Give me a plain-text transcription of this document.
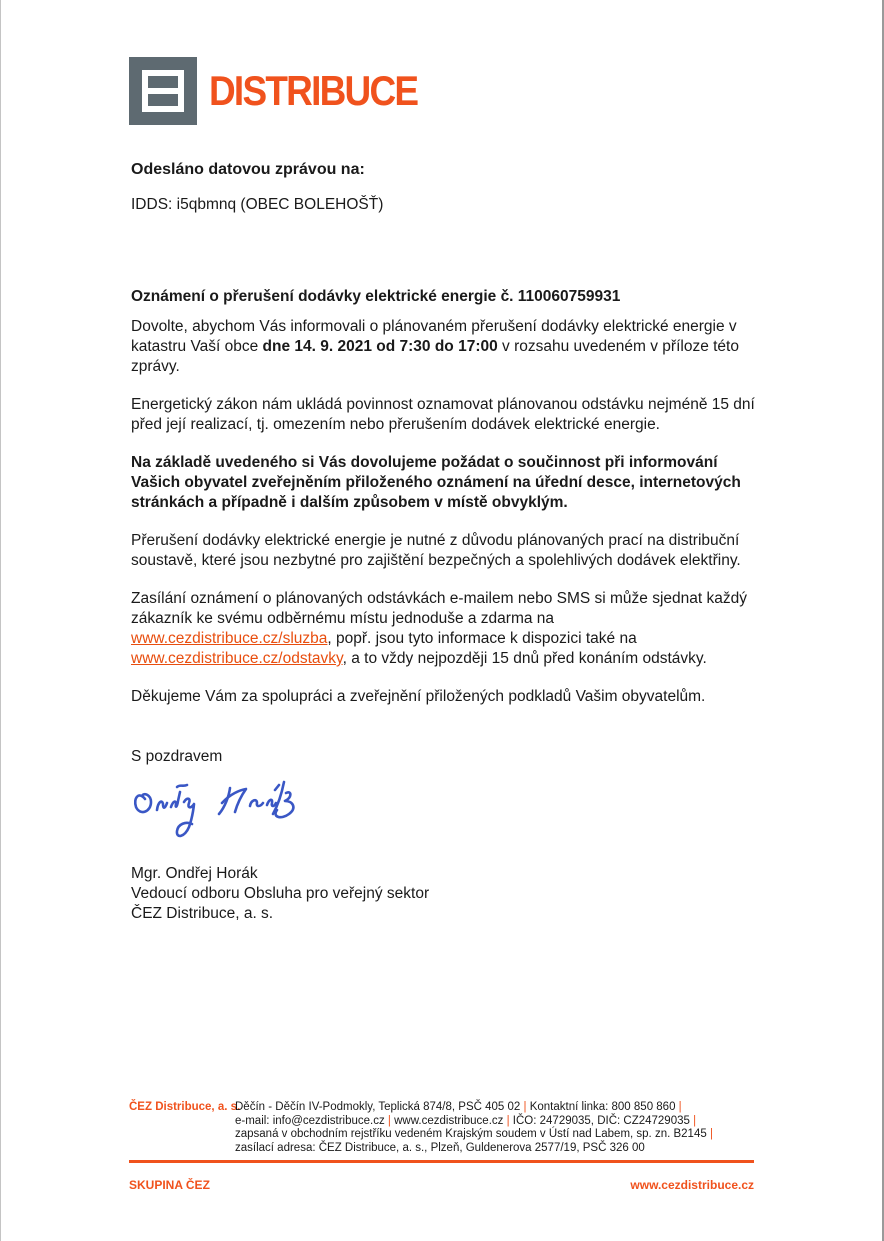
DISTRIBUCE
Odesláno datovou zprávou na:
IDDS: i5qbmnq (OBEC BOLEHOŠŤ)
Oznámení o přerušení dodávky elektrické energie č. 110060759931

Dovolte, abychom Vás informovali o plánovaném přerušení dodávky elektrické energie v katastru Vaší obce dne 14. 9. 2021 od 7:30 do 17:00 v rozsahu uvedeném v příloze této zprávy.

Energetický zákon nám ukládá povinnost oznamovat plánovanou odstávku nejméně 15 dní před její realizací, tj. omezením nebo přerušením dodávek elektrické energie.

Na základě uvedeného si Vás dovolujeme požádat o součinnost při informování Vašich obyvatel zveřejněním přiloženého oznámení na úřední desce, internetových stránkách a případně i dalším způsobem v místě obvyklým.

Přerušení dodávky elektrické energie je nutné z důvodu plánovaných prací na distribuční soustavě, které jsou nezbytné pro zajištění bezpečných a spolehlivých dodávek elektřiny.

Zasílání oznámení o plánovaných odstávkách e-mailem nebo SMS si může sjednat každý zákazník ke svému odběrnému místu jednoduše a zdarma na www.cezdistribuce.cz/sluzba, popř. jsou tyto informace k dispozici také na www.cezdistribuce.cz/odstavky, a to vždy nejpozději 15 dnů před konáním odstávky.

Děkujeme Vám za spolupráci a zveřejnění přiložených podkladů Vašim obyvatelům.

S pozdravem

Mgr. Ondřej Horák
Vedoucí odboru Obsluha pro veřejný sektor
ČEZ Distribuce, a. s.
ČEZ Distribuce, a. s.
Děčín - Děčín IV-Podmokly, Teplická 874/8, PSČ 405 02 | Kontaktní linka: 800 850 860 |
e-mail: info@cezdistribuce.cz | www.cezdistribuce.cz | IČO: 24729035, DIČ: CZ24729035 |
zapsaná v obchodním rejstříku vedeném Krajským soudem v Ústí nad Labem, sp. zn. B2145 |
zasílací adresa: ČEZ Distribuce, a. s., Plzeň, Guldenerova 2577/19, PSČ 326 00
SKUPINA ČEZ	www.cezdistribuce.cz
